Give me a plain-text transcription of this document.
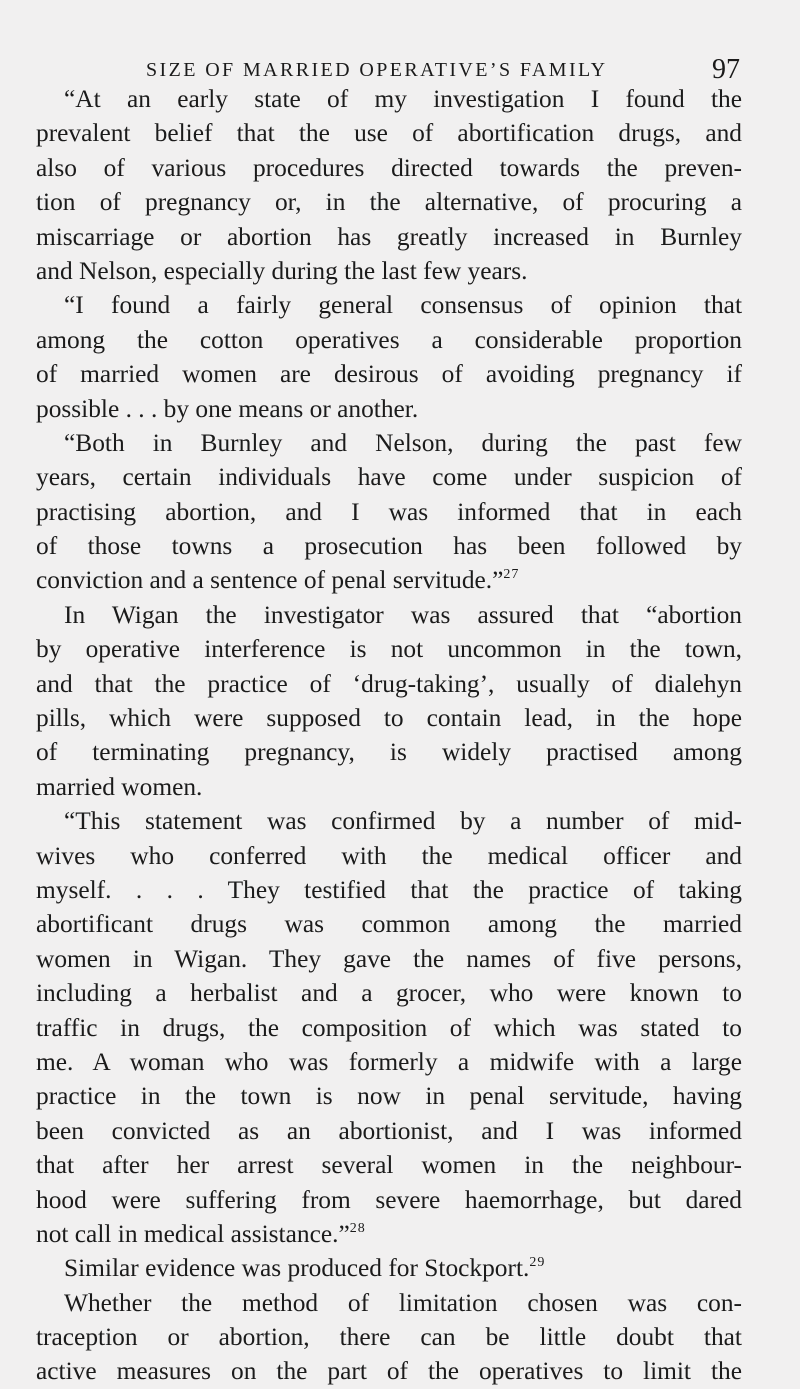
SIZE OF MARRIED OPERATIVE’S FAMILY	97
“At an early state of my investigation I found the
prevalent belief that the use of abortification drugs, and
also of various procedures directed towards the preven-
tion of pregnancy or, in the alternative, of procuring a
miscarriage or abortion has greatly increased in Burnley
and Nelson, especially during the last few years.
“I found a fairly general consensus of opinion that
among the cotton operatives a considerable proportion
of married women are desirous of avoiding pregnancy if
possible . . . by one means or another.
“Both in Burnley and Nelson, during the past few
years, certain individuals have come under suspicion of
practising abortion, and I was informed that in each
of those towns a prosecution has been followed by
conviction and a sentence of penal servitude.”$^{27}$
In Wigan the investigator was assured that “abortion
by operative interference is not uncommon in the town,
and that the practice of ‘drug-taking’, usually of dialehyn
pills, which were supposed to contain lead, in the hope
of terminating pregnancy, is widely practised among
married women.
“This statement was confirmed by a number of mid-
wives who conferred with the medical officer and
myself. . . . They testified that the practice of taking
abortificant drugs was common among the married
women in Wigan. They gave the names of five persons,
including a herbalist and a grocer, who were known to
traffic in drugs, the composition of which was stated to
me. A woman who was formerly a midwife with a large
practice in the town is now in penal servitude, having
been convicted as an abortionist, and I was informed
that after her arrest several women in the neighbour-
hood were suffering from severe haemorrhage, but dared
not call in medical assistance.”$^{28}$
Similar evidence was produced for Stockport.$^{29}$
Whether the method of limitation chosen was con-
traception or abortion, there can be little doubt that
active measures on the part of the operatives to limit the
